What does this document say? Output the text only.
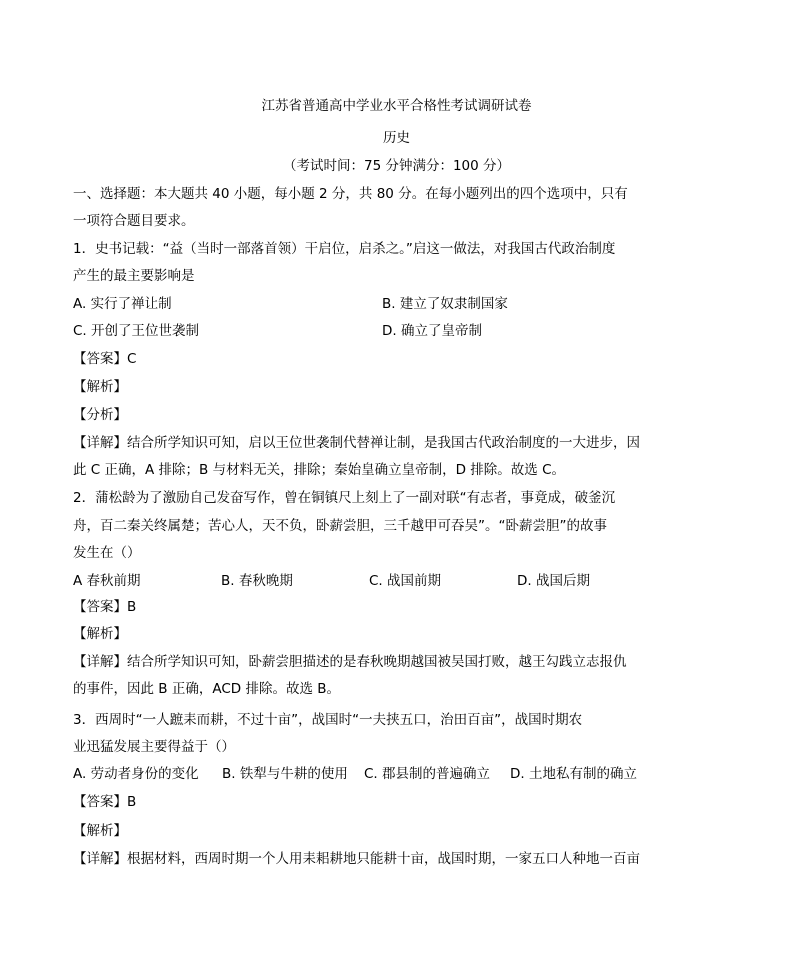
江苏省普通高中学业水平合格性考试调研试卷
历史
（考试时间：75 分钟满分：100 分）
一、选择题：本大题共 40 小题，每小题 2 分，共 80 分。在每小题列出的四个选项中，只有
一项符合题目要求。
1．史书记载：“益（当时一部落首领）干启位，启杀之。”启这一做法，对我国古代政治制度
产生的最主要影响是
A. 实行了禅让制	B. 建立了奴隶制国家
C. 开创了王位世袭制	D. 确立了皇帝制
【答案】C
【解析】
【分析】
【详解】结合所学知识可知，启以王位世袭制代替禅让制，是我国古代政治制度的一大进步，因
此 C 正确，A 排除；B 与材料无关，排除；秦始皇确立皇帝制，D 排除。故选 C。
2．蒲松龄为了激励自己发奋写作，曾在铜镇尺上刻上了一副对联“有志者，事竟成，破釜沉
舟，百二秦关终属楚；苦心人，天不负，卧薪尝胆，三千越甲可吞吴”。“卧薪尝胆”的故事
发生在（）
A 春秋前期	B. 春秋晚期	C. 战国前期	D. 战国后期
【答案】B
【解析】
【详解】结合所学知识可知，卧薪尝胆描述的是春秋晚期越国被吴国打败，越王勾践立志报仇
的事件，因此 B 正确，ACD 排除。故选 B。
3．西周时“一人蹠耒而耕，不过十亩”，战国时“一夫挟五口，治田百亩”，战国时期农
业迅猛发展主要得益于（）
A. 劳动者身份的变化 B. 铁犁与牛耕的使用 C. 郡县制的普遍确立 D. 土地私有制的确立
【答案】B
【解析】
【详解】根据材料，西周时期一个人用耒耜耕地只能耕十亩，战国时期，一家五口人种地一百亩
